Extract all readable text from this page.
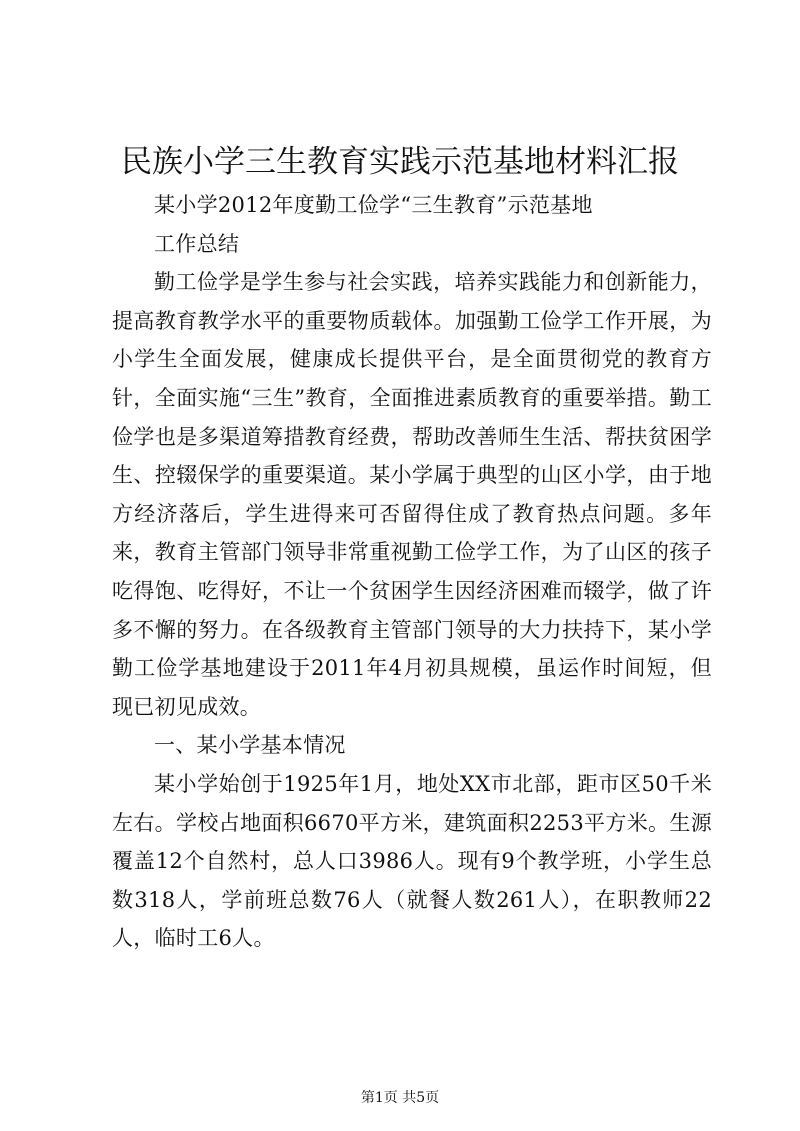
民族小学三生教育实践示范基地材料汇报

某小学2012年度勤工俭学“三生教育”示范基地

工作总结

勤工俭学是学生参与社会实践，培养实践能力和创新能力，提高教育教学水平的重要物质载体。加强勤工俭学工作开展，为小学生全面发展，健康成长提供平台，是全面贯彻党的教育方针，全面实施“三生”教育，全面推进素质教育的重要举措。勤工俭学也是多渠道筹措教育经费，帮助改善师生生活、帮扶贫困学生、控辍保学的重要渠道。某小学属于典型的山区小学，由于地方经济落后，学生进得来可否留得住成了教育热点问题。多年来，教育主管部门领导非常重视勤工俭学工作，为了山区的孩子吃得饱、吃得好，不让一个贫困学生因经济困难而辍学，做了许多不懈的努力。在各级教育主管部门领导的大力扶持下，某小学勤工俭学基地建设于2011年4月初具规模，虽运作时间短，但现已初见成效。

一、某小学基本情况

某小学始创于1925年1月，地处XX市北部，距市区50千米左右。学校占地面积6670平方米，建筑面积2253平方米。生源覆盖12个自然村，总人口3986人。现有9个教学班，小学生总数318人，学前班总数76人（就餐人数261人），在职教师22人，临时工6人。

第1页 共5页
